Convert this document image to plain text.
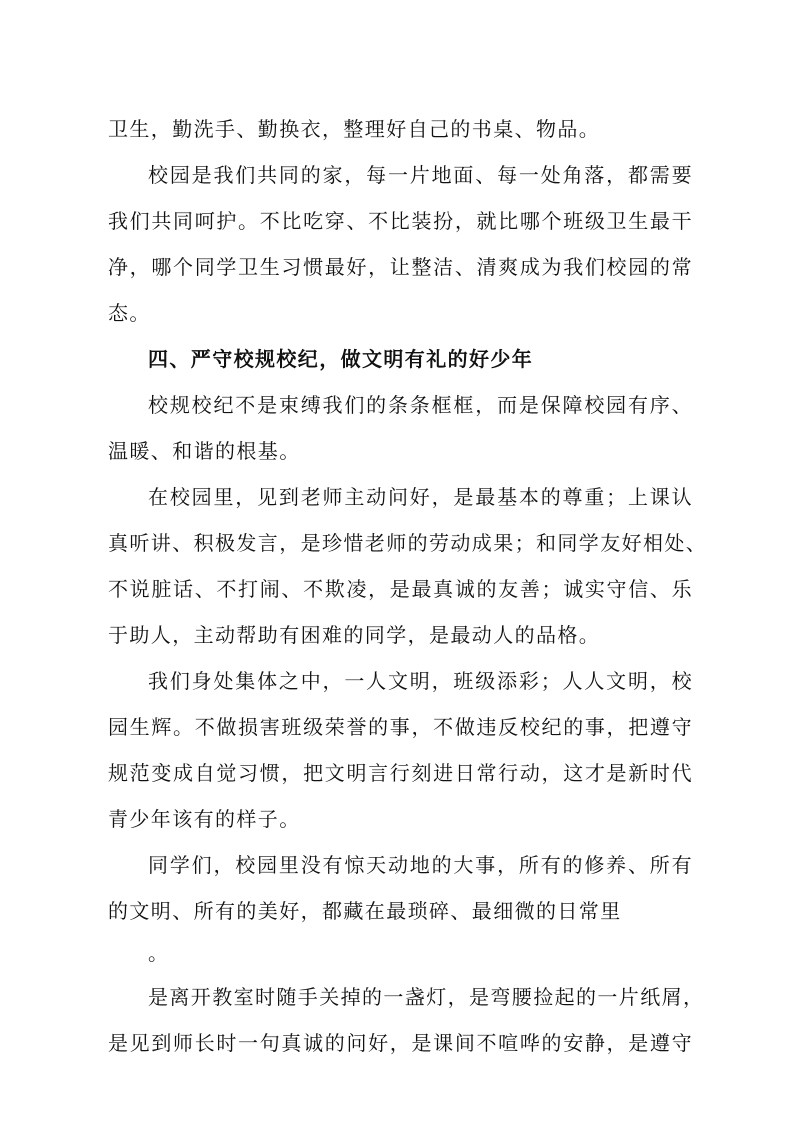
卫生，勤洗手、勤换衣，整理好自己的书桌、物品。
校园是我们共同的家，每一片地面、每一处角落，都需要
我们共同呵护。不比吃穿、不比装扮，就比哪个班级卫生最干
净，哪个同学卫生习惯最好，让整洁、清爽成为我们校园的常
态。
四、严守校规校纪，做文明有礼的好少年
校规校纪不是束缚我们的条条框框，而是保障校园有序、
温暖、和谐的根基。
在校园里，见到老师主动问好，是最基本的尊重；上课认
真听讲、积极发言，是珍惜老师的劳动成果；和同学友好相处、
不说脏话、不打闹、不欺凌，是最真诚的友善；诚实守信、乐
于助人，主动帮助有困难的同学，是最动人的品格。
我们身处集体之中，一人文明，班级添彩；人人文明，校
园生辉。不做损害班级荣誉的事，不做违反校纪的事，把遵守
规范变成自觉习惯，把文明言行刻进日常行动，这才是新时代
青少年该有的样子。
同学们，校园里没有惊天动地的大事，所有的修养、所有
的文明、所有的美好，都藏在最琐碎、最细微的日常里
。
是离开教室时随手关掉的一盏灯，是弯腰捡起的一片纸屑，
是见到师长时一句真诚的问好，是课间不喧哗的安静，是遵守
